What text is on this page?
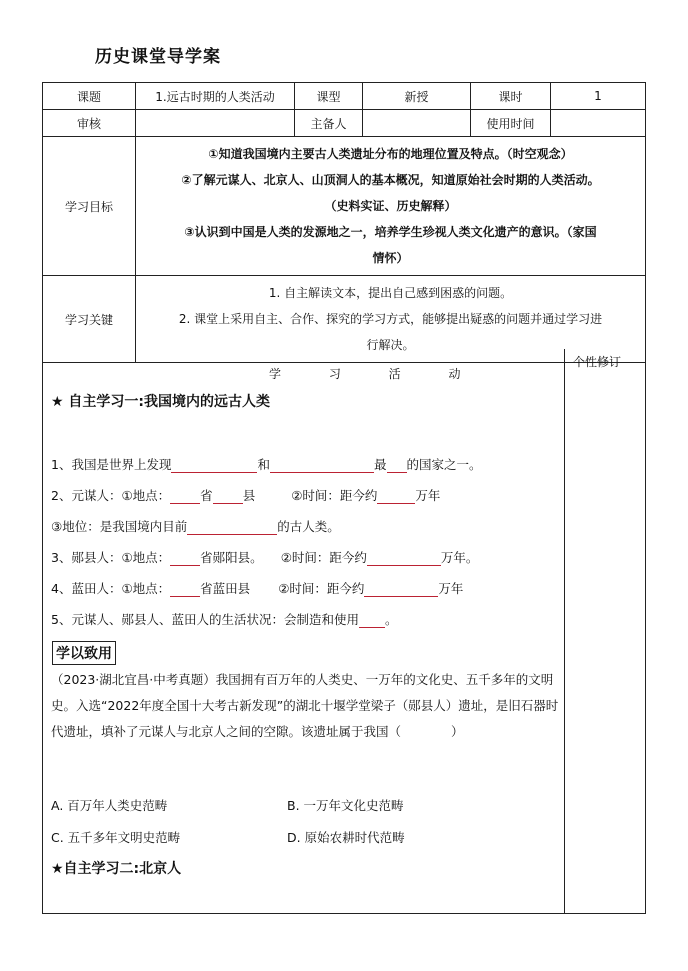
历史课堂导学案
课题	1.远古时期的人类活动	课型	新授	课时	1
审核		主备人		使用时间	
学习目标	①知道我国境内主要古人类遗址分布的地理位置及特点。（时空观念）
②了解元谋人、北京人、山顶洞人的基本概况，知道原始社会时期的人类活动。
（史料实证、历史解释）
③认识到中国是人类的发源地之一，培养学生珍视人类文化遗产的意识。（家国
情怀）				

学习关键	1. 自主解读文本，提出自己感到困惑的问题。
2. 课堂上采用自主、合作、探究的学习方式，能够提出疑惑的问题并通过学习进
行解决。				
个性修订
学 习 活 动
★ 自主学习一:我国境内的远古人类
1、我国是世界上发现	和	最 的国家之一。
2、元谋人：①地点： 省 县	②时间：距今约	万年
③地位：是我国境内目前	的古人类。
3、郧县人：①地点： 省郧阳县。 ②时间：距今约	万年。
4、蓝田人：①地点： 省蓝田县 ②时间：距今约	万年
5、元谋人、郧县人、蓝田人的生活状况：会制造和使用 。
学以致用
（2023·湖北宜昌·中考真题）我国拥有百万年的人类史、一万年的文化史、五千多年的文明史。入选“2022年度全国十大考古新发现”的湖北十堰学堂梁子（郧县人）遗址，是旧石器时代遗址，填补了元谋人与北京人之间的空隙。该遗址属于我国（　　　　）
A. 百万年人类史范畴	B. 一万年文化史范畴
C. 五千多年文明史范畴	D. 原始农耕时代范畴
★自主学习二:北京人
